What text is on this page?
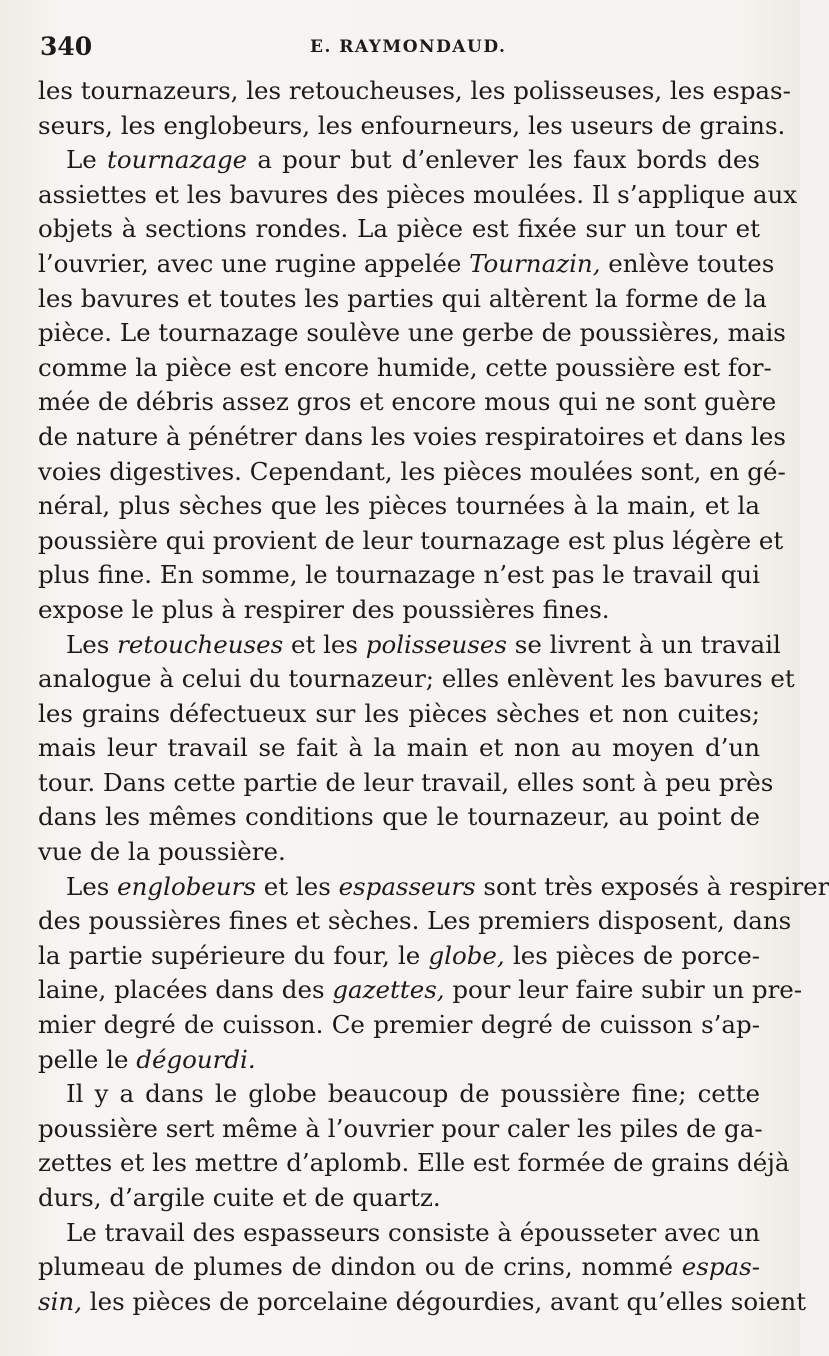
340	E. RAYMONDAUD.
les tournazeurs, les retoucheuses, les polisseuses, les espas-
seurs, les englobeurs, les enfourneurs, les useurs de grains.
Le tournazage a pour but d’enlever les faux bords des
assiettes et les bavures des pièces moulées. Il s’applique aux
objets à sections rondes. La pièce est fixée sur un tour et
l’ouvrier, avec une rugine appelée Tournazin, enlève toutes
les bavures et toutes les parties qui altèrent la forme de la
pièce. Le tournazage soulève une gerbe de poussières, mais
comme la pièce est encore humide, cette poussière est for-
mée de débris assez gros et encore mous qui ne sont guère
de nature à pénétrer dans les voies respiratoires et dans les
voies digestives. Cependant, les pièces moulées sont, en gé-
néral, plus sèches que les pièces tournées à la main, et la
poussière qui provient de leur tournazage est plus légère et
plus fine. En somme, le tournazage n’est pas le travail qui
expose le plus à respirer des poussières fines.
Les retoucheuses et les polisseuses se livrent à un travail
analogue à celui du tournazeur; elles enlèvent les bavures et
les grains défectueux sur les pièces sèches et non cuites;
mais leur travail se fait à la main et non au moyen d’un
tour. Dans cette partie de leur travail, elles sont à peu près
dans les mêmes conditions que le tournazeur, au point de
vue de la poussière.
Les englobeurs et les espasseurs sont très exposés à respirer
des poussières fines et sèches. Les premiers disposent, dans
la partie supérieure du four, le globe, les pièces de porce-
laine, placées dans des gazettes, pour leur faire subir un pre-
mier degré de cuisson. Ce premier degré de cuisson s’ap-
pelle le dégourdi.
Il y a dans le globe beaucoup de poussière fine; cette
poussière sert même à l’ouvrier pour caler les piles de ga-
zettes et les mettre d’aplomb. Elle est formée de grains déjà
durs, d’argile cuite et de quartz.
Le travail des espasseurs consiste à épousseter avec un
plumeau de plumes de dindon ou de crins, nommé espas-
sin, les pièces de porcelaine dégourdies, avant qu’elles soient
